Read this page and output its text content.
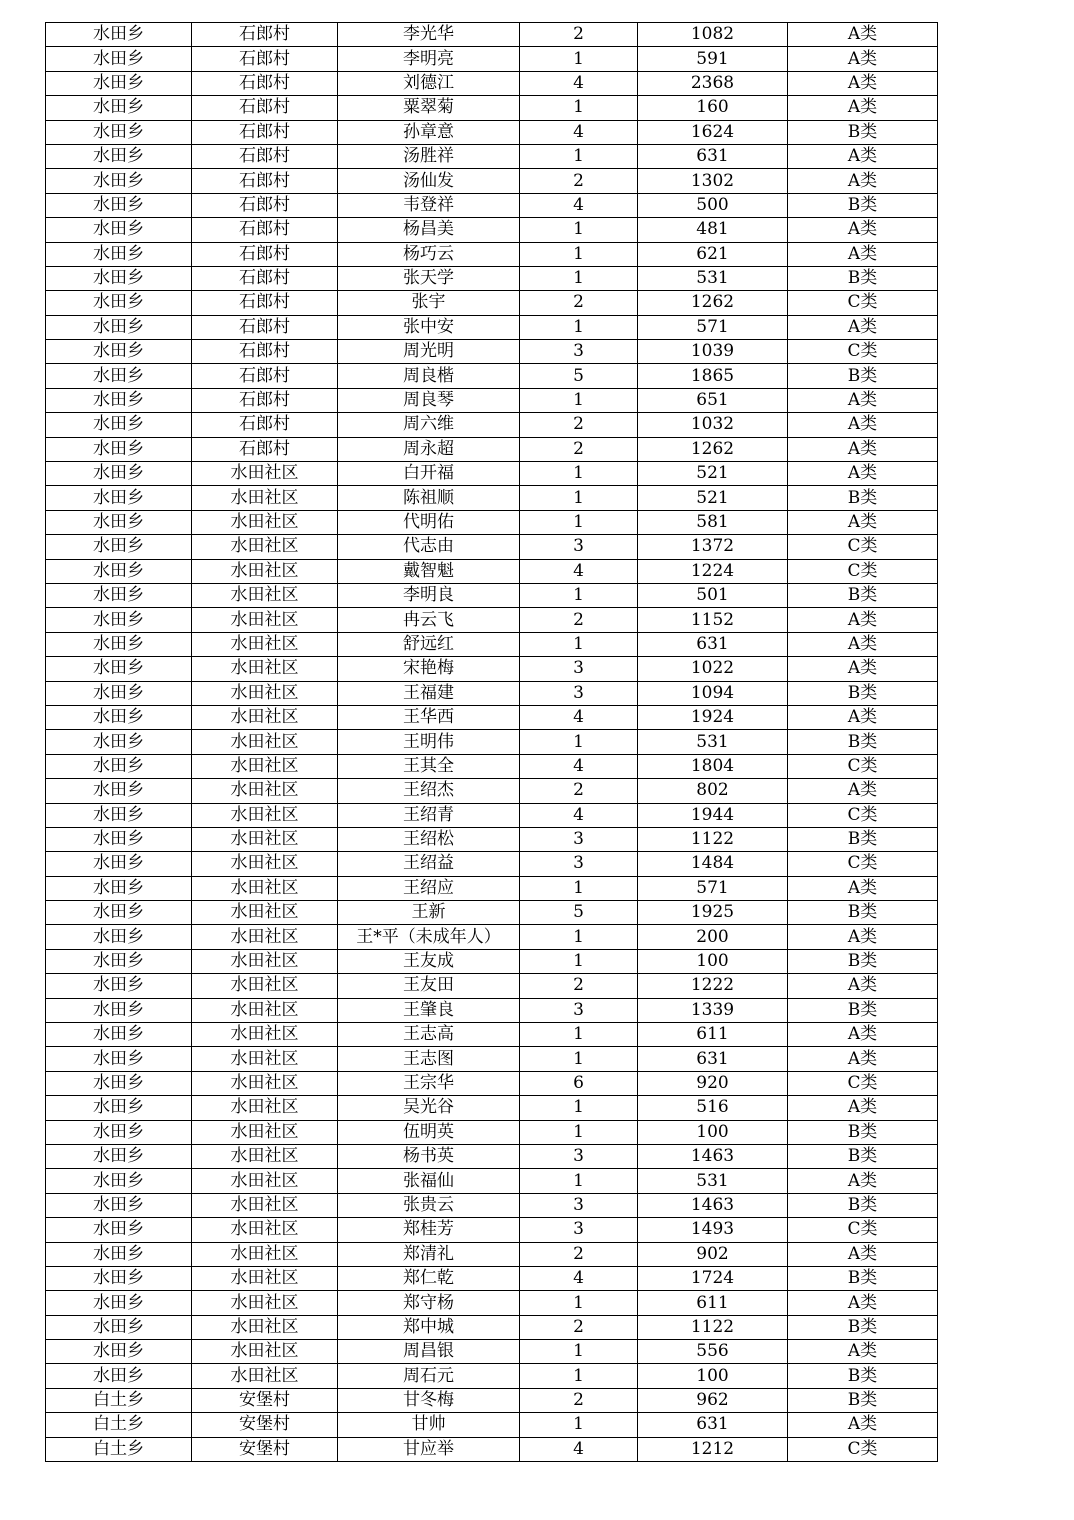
水田乡	石郎村	李光华	2	1082	A类
水田乡	石郎村	李明亮	1	591	A类
水田乡	石郎村	刘德江	4	2368	A类
水田乡	石郎村	粟翠菊	1	160	A类
水田乡	石郎村	孙章意	4	1624	B类
水田乡	石郎村	汤胜祥	1	631	A类
水田乡	石郎村	汤仙发	2	1302	A类
水田乡	石郎村	韦登祥	4	500	B类
水田乡	石郎村	杨昌美	1	481	A类
水田乡	石郎村	杨巧云	1	621	A类
水田乡	石郎村	张天学	1	531	B类
水田乡	石郎村	张宇	2	1262	C类
水田乡	石郎村	张中安	1	571	A类
水田乡	石郎村	周光明	3	1039	C类
水田乡	石郎村	周良楷	5	1865	B类
水田乡	石郎村	周良琴	1	651	A类
水田乡	石郎村	周六维	2	1032	A类
水田乡	石郎村	周永超	2	1262	A类
水田乡	水田社区	白开福	1	521	A类
水田乡	水田社区	陈祖顺	1	521	B类
水田乡	水田社区	代明佑	1	581	A类
水田乡	水田社区	代志由	3	1372	C类
水田乡	水田社区	戴智魁	4	1224	C类
水田乡	水田社区	李明良	1	501	B类
水田乡	水田社区	冉云飞	2	1152	A类
水田乡	水田社区	舒远红	1	631	A类
水田乡	水田社区	宋艳梅	3	1022	A类
水田乡	水田社区	王福建	3	1094	B类
水田乡	水田社区	王华西	4	1924	A类
水田乡	水田社区	王明伟	1	531	B类
水田乡	水田社区	王其全	4	1804	C类
水田乡	水田社区	王绍杰	2	802	A类
水田乡	水田社区	王绍青	4	1944	C类
水田乡	水田社区	王绍松	3	1122	B类
水田乡	水田社区	王绍益	3	1484	C类
水田乡	水田社区	王绍应	1	571	A类
水田乡	水田社区	王新	5	1925	B类
水田乡	水田社区	王*平（未成年人）	1	200	A类
水田乡	水田社区	王友成	1	100	B类
水田乡	水田社区	王友田	2	1222	A类
水田乡	水田社区	王肇良	3	1339	B类
水田乡	水田社区	王志高	1	611	A类
水田乡	水田社区	王志图	1	631	A类
水田乡	水田社区	王宗华	6	920	C类
水田乡	水田社区	吴光谷	1	516	A类
水田乡	水田社区	伍明英	1	100	B类
水田乡	水田社区	杨书英	3	1463	B类
水田乡	水田社区	张福仙	1	531	A类
水田乡	水田社区	张贵云	3	1463	B类
水田乡	水田社区	郑桂芳	3	1493	C类
水田乡	水田社区	郑清礼	2	902	A类
水田乡	水田社区	郑仁乾	4	1724	B类
水田乡	水田社区	郑守杨	1	611	A类
水田乡	水田社区	郑中城	2	1122	B类
水田乡	水田社区	周昌银	1	556	A类
水田乡	水田社区	周石元	1	100	B类
白土乡	安堡村	甘冬梅	2	962	B类
白土乡	安堡村	甘帅	1	631	A类
白土乡	安堡村	甘应举	4	1212	C类
